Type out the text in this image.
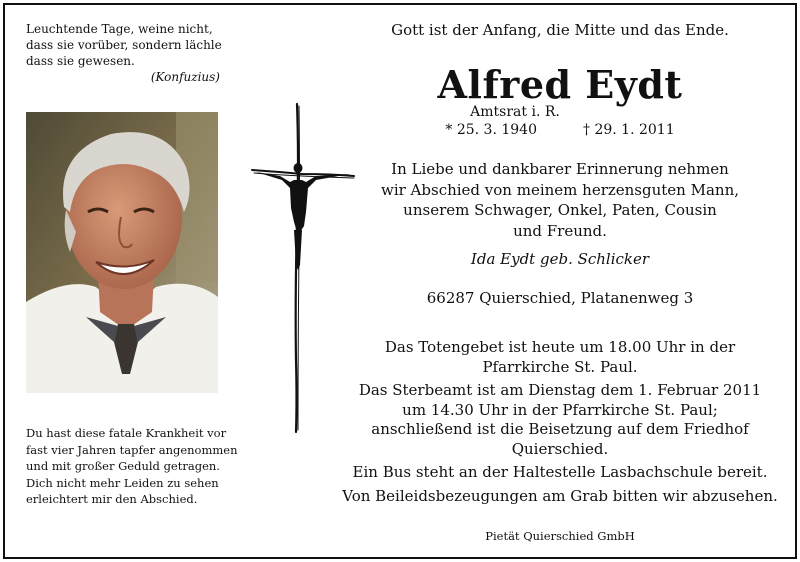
Leuchtende Tage, weine nicht,
dass sie vorüber, sondern lächle
dass sie gewesen.
(Konfuzius)
Du hast diese fatale Krankheit vor
fast vier Jahren tapfer angenommen
und mit großer Geduld getragen.
Dich nicht mehr Leiden zu sehen
erleichtert mir den Abschied.
Gott ist der Anfang, die Mitte und das Ende.
Alfred Eydt
Amtsrat i. R.
* 25. 3. 1940	† 29. 1. 2011
In Liebe und dankbarer Erinnerung nehmen
wir Abschied von meinem herzensguten Mann,
unserem Schwager, Onkel, Paten, Cousin
und Freund.
Ida Eydt geb. Schlicker
66287 Quierschied, Platanenweg 3

Das Totengebet ist heute um 18.00 Uhr in der
Pfarrkirche St. Paul.

Das Sterbeamt ist am Dienstag dem 1. Februar 2011
um 14.30 Uhr in der Pfarrkirche St. Paul;
anschließend ist die Beisetzung auf dem Friedhof
Quierschied.

Ein Bus steht an der Haltestelle Lasbachschule bereit.

Von Beileidsbezeugungen am Grab bitten wir abzusehen.

Pietät Quierschied GmbH
